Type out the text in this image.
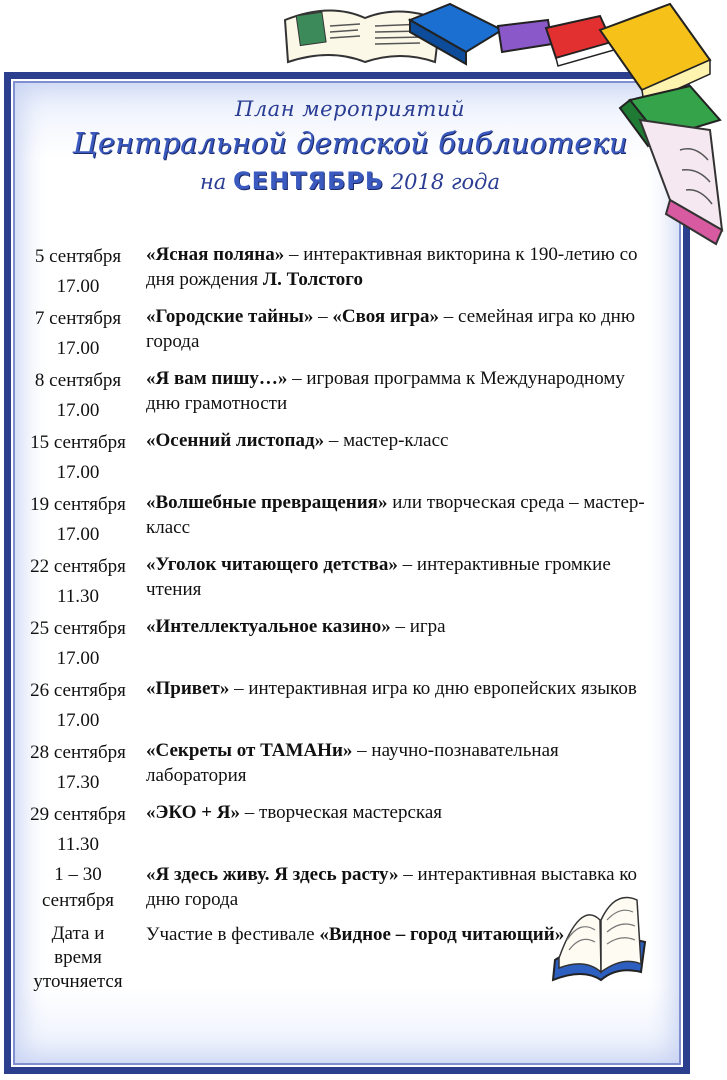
План мероприятий
Центральной детской библиотеки
на СЕНТЯБРЬ 2018 года
5 сентября
17.00
«Ясная поляна» – интерактивная викторина к 190-летию со дня рождения Л. Толстого
7 сентября
17.00
«Городские тайны» – «Своя игра» – семейная игра ко дню города
8 сентября
17.00
«Я вам пишу…» – игровая программа к Международному дню грамотности
15 сентября
17.00
«Осенний листопад» – мастер-класс
19 сентября
17.00
«Волшебные превращения» или творческая среда – мастер-класс
22 сентября
11.30
«Уголок читающего детства» – интерактивные громкие чтения
25 сентября
17.00
«Интеллектуальное казино» – игра
26 сентября
17.00
«Привет» – интерактивная игра ко дню европейских языков
28 сентября
17.30
«Секреты от ТАМАНи» – научно-познавательная лаборатория
29 сентября
11.30
«ЭКО + Я» – творческая мастерская
1 – 30
сентября
«Я здесь живу. Я здесь расту» – интерактивная выставка ко дню города
Дата и
время
уточняется
Участие в фестивале «Видное – город читающий»
